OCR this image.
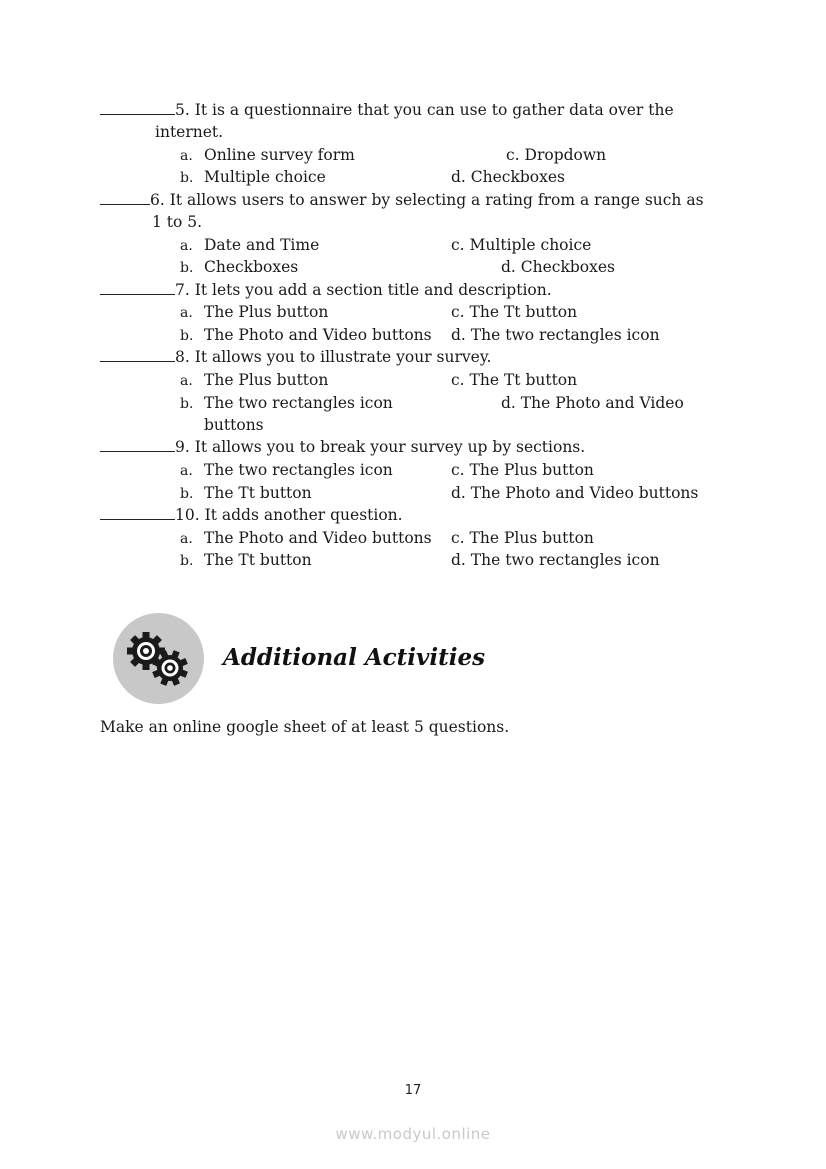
5. It is a questionnaire that you can use to gather data over the
internet.
a. Online survey form	c. Dropdown
b. Multiple choice	d. Checkboxes
6. It allows users to answer by selecting a rating from a range such as
1 to 5.
a. Date and Time	c. Multiple choice
b. Checkboxes	d. Checkboxes
7. It lets you add a section title and description.
a. The Plus button	c. The Tt button
b. The Photo and Video buttons d. The two rectangles icon
8. It allows you to illustrate your survey.
a. The Plus button	c. The Tt button
b. The two rectangles icon	d. The Photo and Video
buttons
9. It allows you to break your survey up by sections.
a. The two rectangles icon	c. The Plus button
b. The Tt button	d. The Photo and Video buttons
10. It adds another question.
a. The Photo and Video buttons c. The Plus button
b. The Tt button	d. The two rectangles icon
Additional Activities
Make an online google sheet of at least 5 questions.
17
www.modyul.online
